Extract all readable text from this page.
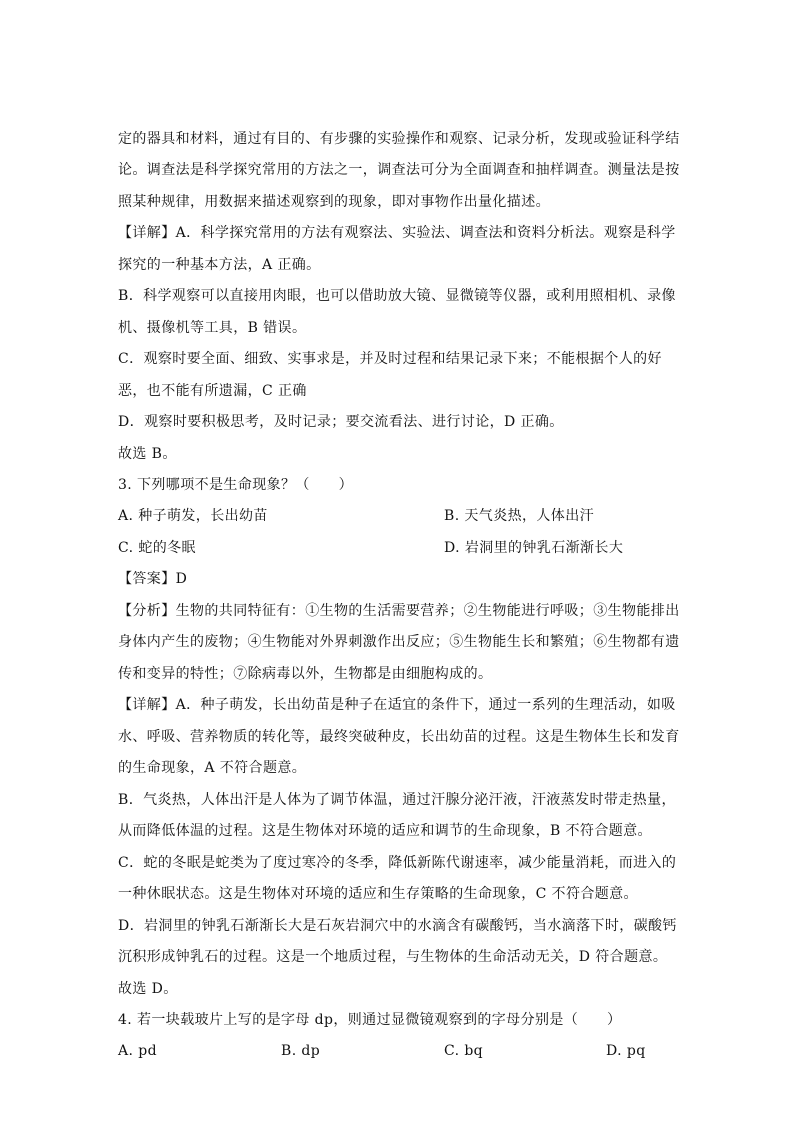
定的器具和材料，通过有目的、有步骤的实验操作和观察、记录分析，发现或验证科学结
论。调查法是科学探究常用的方法之一，调查法可分为全面调查和抽样调查。测量法是按
照某种规律，用数据来描述观察到的现象，即对事物作出量化描述。
【详解】A．科学探究常用的方法有观察法、实验法、调查法和资料分析法。观察是科学
探究的一种基本方法，A 正确。
B．科学观察可以直接用肉眼，也可以借助放大镜、显微镜等仪器，或利用照相机、录像
机、摄像机等工具，B 错误。
C．观察时要全面、细致、实事求是，并及时过程和结果记录下来；不能根据个人的好
恶，也不能有所遗漏，C 正确
D．观察时要积极思考，及时记录；要交流看法、进行讨论，D 正确。
故选 B。
3. 下列哪项不是生命现象？（　　）
A. 种子萌发，长出幼苗	B. 天气炎热，人体出汗
C. 蛇的冬眠	D. 岩洞里的钟乳石渐渐长大
【答案】D
【分析】生物的共同特征有：①生物的生活需要营养；②生物能进行呼吸；③生物能排出
身体内产生的废物；④生物能对外界刺激作出反应；⑤生物能生长和繁殖；⑥生物都有遗
传和变异的特性；⑦除病毒以外，生物都是由细胞构成的。
【详解】A．种子萌发，长出幼苗是种子在适宜的条件下，通过一系列的生理活动，如吸
水、呼吸、营养物质的转化等，最终突破种皮，长出幼苗的过程。这是生物体生长和发育
的生命现象，A 不符合题意。
B．气炎热，人体出汗是人体为了调节体温，通过汗腺分泌汗液，汗液蒸发时带走热量，
从而降低体温的过程。这是生物体对环境的适应和调节的生命现象，B 不符合题意。
C．蛇的冬眠是蛇类为了度过寒冷的冬季，降低新陈代谢速率，减少能量消耗，而进入的
一种休眠状态。这是生物体对环境的适应和生存策略的生命现象，C 不符合题意。
D．岩洞里的钟乳石渐渐长大是石灰岩洞穴中的水滴含有碳酸钙，当水滴落下时，碳酸钙
沉积形成钟乳石的过程。这是一个地质过程，与生物体的生命活动无关，D 符合题意。
故选 D。
4. 若一块载玻片上写的是字母 dp，则通过显微镜观察到的字母分别是（　　）
A. pd	B. dp	C. bq	D. pq
